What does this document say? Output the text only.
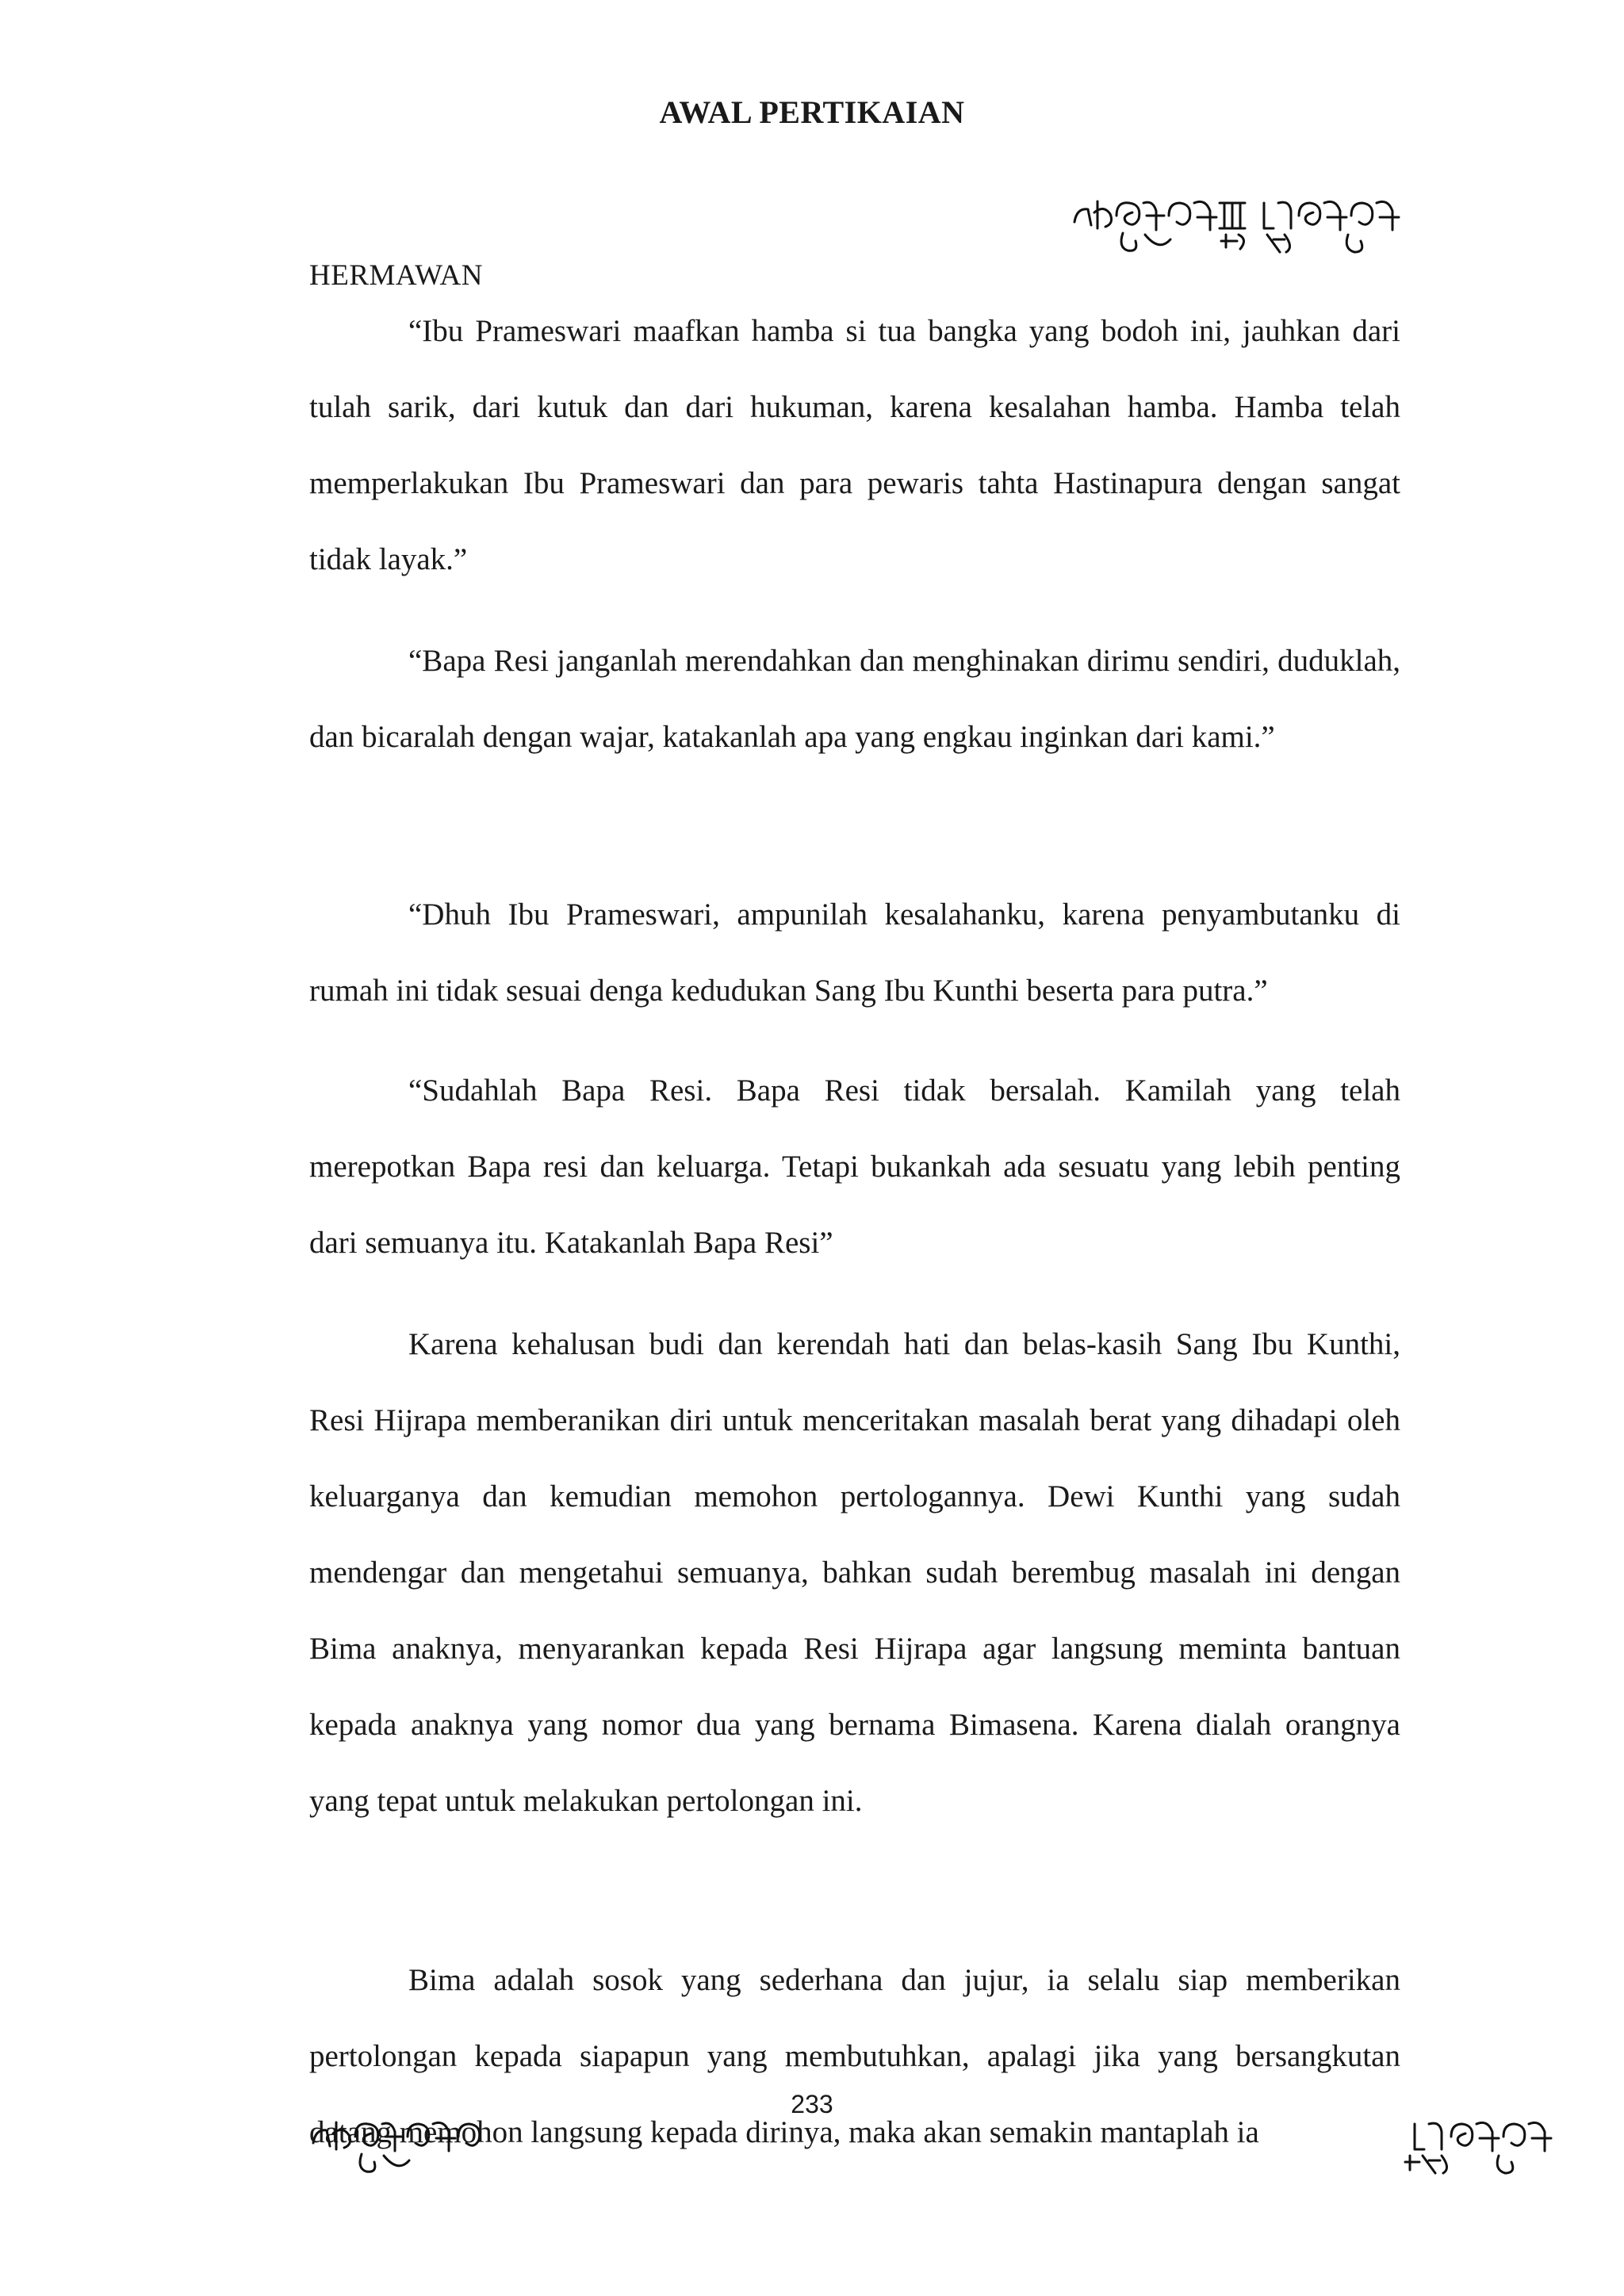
AWAL PERTIKAIAN
HERMAWAN

“Ibu Prameswari maafkan hamba si tua bangka yang bodoh ini, jauhkan dari tulah sarik, dari kutuk dan dari hukuman, karena kesalahan hamba. Hamba telah memperlakukan Ibu Prameswari dan para pewaris tahta Hastinapura dengan sangat tidak layak.”

“Bapa Resi janganlah merendahkan dan menghinakan dirimu sendiri, duduklah, dan bicaralah dengan wajar, katakanlah apa yang engkau inginkan dari kami.”

“Dhuh Ibu Prameswari, ampunilah kesalahanku, karena penyambutanku di rumah ini tidak sesuai denga kedudukan Sang Ibu Kunthi beserta para putra.”

“Sudahlah Bapa Resi. Bapa Resi tidak bersalah. Kamilah yang telah merepotkan Bapa resi dan keluarga. Tetapi bukankah ada sesuatu yang lebih penting dari semuanya itu. Katakanlah Bapa Resi”

Karena kehalusan budi dan kerendah hati dan belas-kasih Sang Ibu Kunthi, Resi Hijrapa memberanikan diri untuk menceritakan masalah berat yang dihadapi oleh keluarganya dan kemudian memohon pertologannya. Dewi Kunthi yang sudah mendengar dan mengetahui semuanya, bahkan sudah berembug masalah ini dengan Bima anaknya, menyarankan kepada Resi Hijrapa agar langsung meminta bantuan kepada anaknya yang nomor dua yang bernama Bimasena. Karena dialah orangnya yang tepat untuk melakukan pertolongan ini.

Bima adalah sosok yang sederhana dan jujur, ia selalu siap memberikan pertolongan kepada siapapun yang membutuhkan, apalagi jika yang bersangkutan datang memohon langsung kepada dirinya, maka akan semakin mantaplah ia

233
